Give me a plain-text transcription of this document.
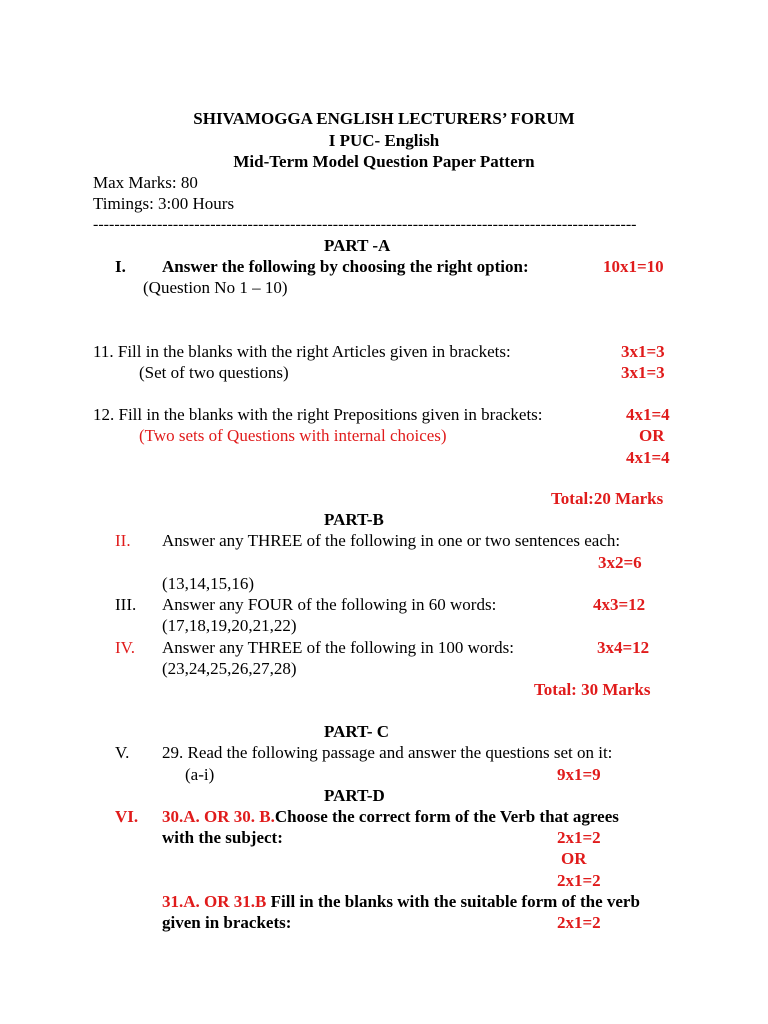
SHIVAMOGGA ENGLISH LECTURERS’ FORUM
I PUC- English
Mid-Term Model Question Paper Pattern
Max Marks: 80
Timings: 3:00 Hours
------------------------------------------------------------------------------------------------------
PART -A
I. Answer the following by choosing the right option:	10x1=10
(Question No 1 – 10)
11. Fill in the blanks with the right Articles given in brackets:	3x1=3
(Set of two questions)	3x1=3
12. Fill in the blanks with the right Prepositions given in brackets:	4x1=4
(Two sets of Questions with internal choices)	OR
4x1=4
Total:20 Marks
PART-B
II. Answer any THREE of the following in one or two sentences each:
3x2=6
(13,14,15,16)
III. Answer any FOUR of the following in 60 words:	4x3=12
(17,18,19,20,21,22)
IV. Answer any THREE of the following in 100 words:	3x4=12
(23,24,25,26,27,28)
Total: 30 Marks
PART- C
V. 29. Read the following passage and answer the questions set on it:
(a-i)	9x1=9
PART-D
VI. 30.A. OR 30. B.Choose the correct form of the Verb that agrees
with the subject:	2x1=2
OR
2x1=2
31.A. OR 31.B Fill in the blanks with the suitable form of the verb
given in brackets:	2x1=2
